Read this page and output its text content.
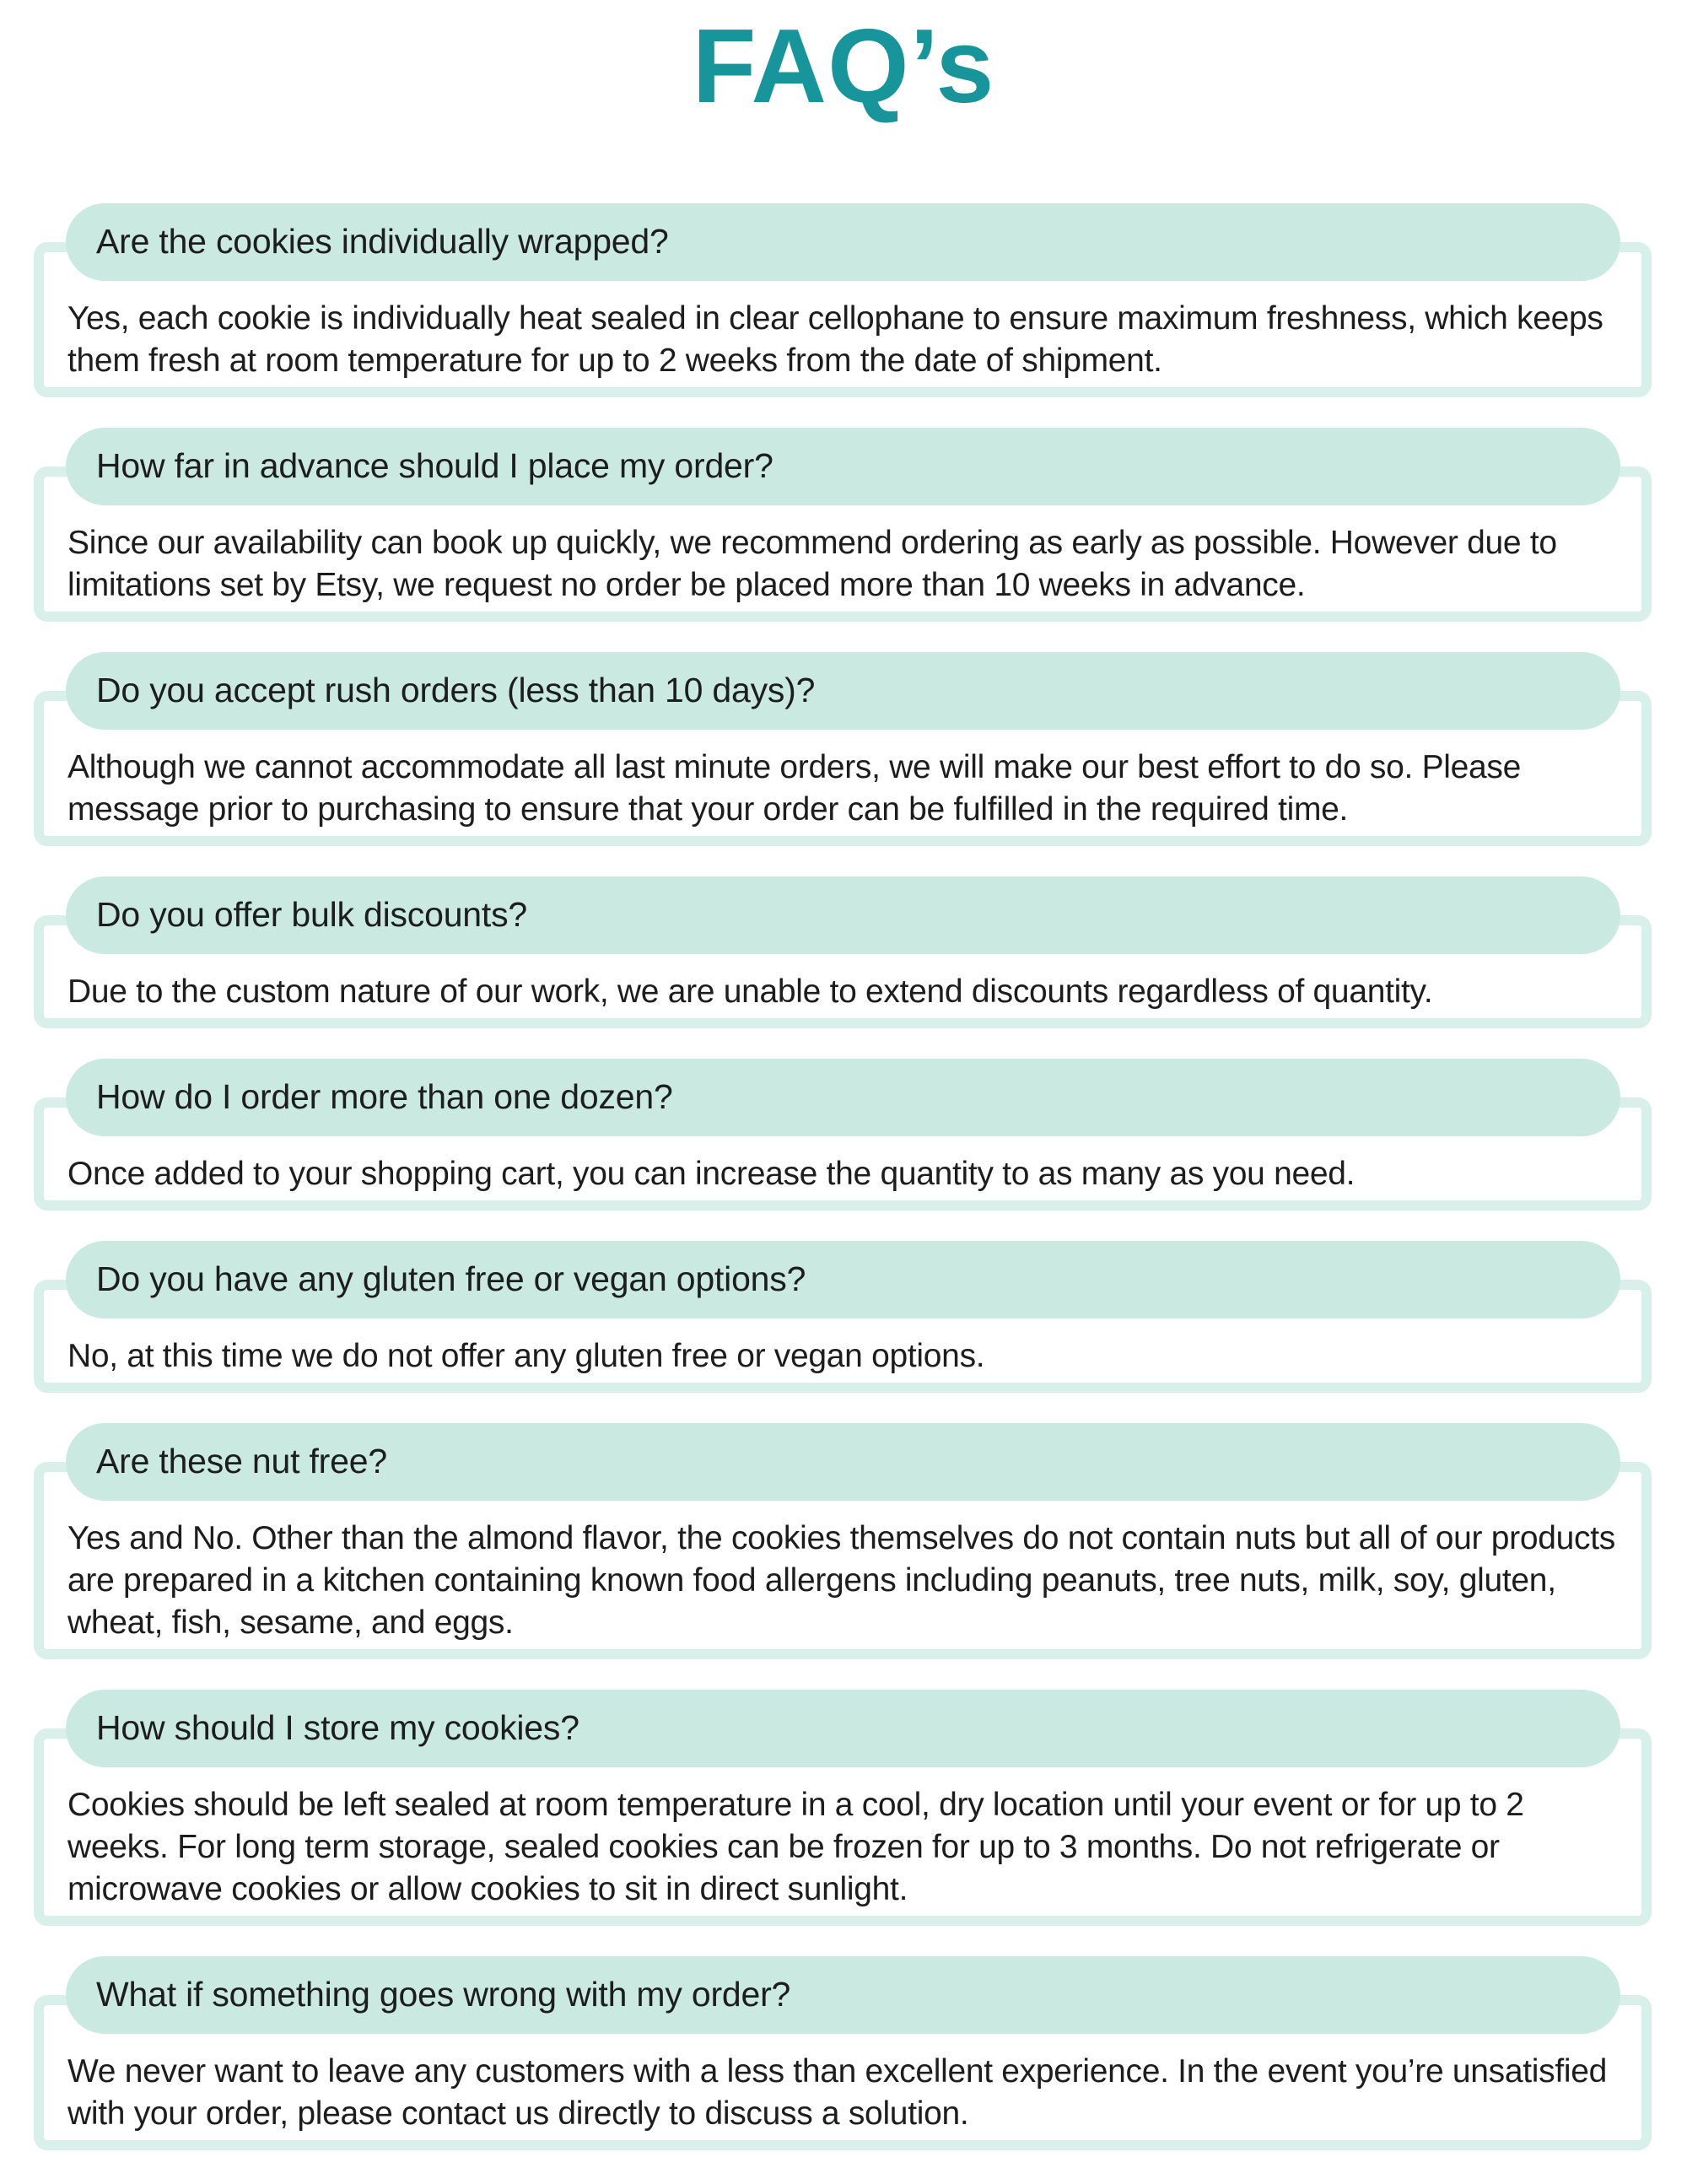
FAQ’s
Are the cookies individually wrapped?

Yes, each cookie is individually heat sealed in clear cellophane to ensure maximum freshness, which keeps them fresh at room temperature for up to 2 weeks from the date of shipment.

How far in advance should I place my order?

Since our availability can book up quickly, we recommend ordering as early as possible. However due to limitations set by Etsy, we request no order be placed more than 10 weeks in advance.

Do you accept rush orders (less than 10 days)?

Although we cannot accommodate all last minute orders, we will make our best effort to do so. Please message prior to purchasing to ensure that your order can be fulfilled in the required time.

Do you offer bulk discounts?

Due to the custom nature of our work, we are unable to extend discounts regardless of quantity.

How do I order more than one dozen?

Once added to your shopping cart, you can increase the quantity to as many as you need.

Do you have any gluten free or vegan options?

No, at this time we do not offer any gluten free or vegan options.

Are these nut free?

Yes and No. Other than the almond flavor, the cookies themselves do not contain nuts but all of our products are prepared in a kitchen containing known food allergens including peanuts, tree nuts, milk, soy, gluten, wheat, fish, sesame, and eggs.

How should I store my cookies?

Cookies should be left sealed at room temperature in a cool, dry location until your event or for up to 2 weeks. For long term storage, sealed cookies can be frozen for up to 3 months. Do not refrigerate or microwave cookies or allow cookies to sit in direct sunlight.

What if something goes wrong with my order?

We never want to leave any customers with a less than excellent experience. In the event you’re unsatisfied with your order, please contact us directly to discuss a solution.
